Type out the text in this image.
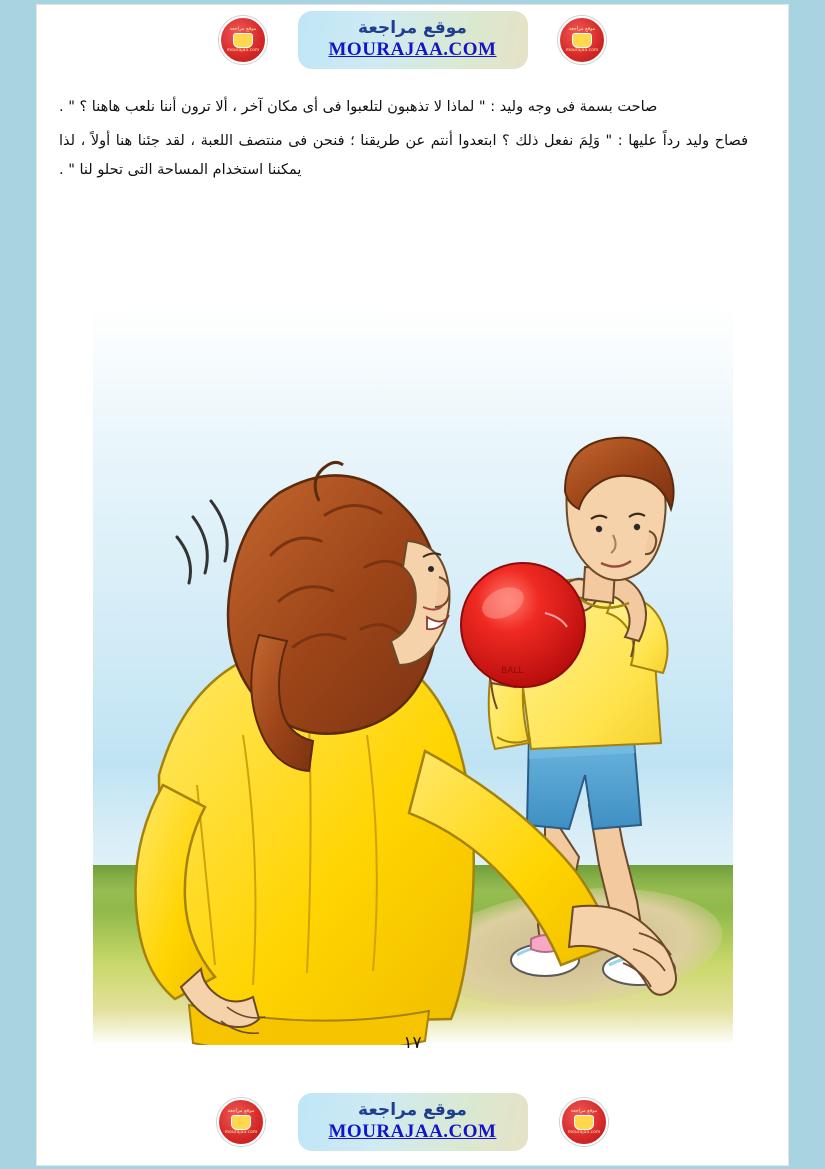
موقع مراجعة
mourajaa.com
موقع مراجعة
MOURAJAA.COM
موقع مراجعة
mourajaa.com

صاحت بسمة فى وجه وليد : " لماذا لا تذهبون لتلعبوا فى أى مكان آخر ، ألا ترون أننا نلعب هاهنا ؟ " .

فصاح وليد رداً عليها : " وَلِمَ نفعل ذلك ؟ ابتعدوا أنتم عن طريقنا ؛ فنحن فى منتصف اللعبة ، لقد جئنا هنا أولاً ، لذا يمكننا استخدام المساحة التى تحلو لنا " .

BALL
١٧
موقع مراجعة
mourajaa.com
موقع مراجعة
MOURAJAA.COM
موقع مراجعة
mourajaa.com
